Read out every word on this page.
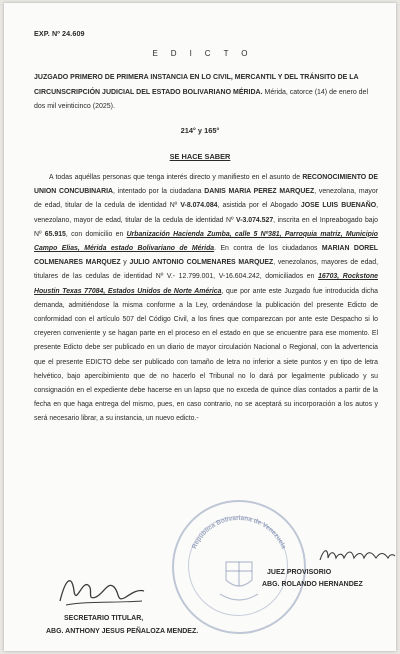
EXP. Nº 24.609
EDICTO
JUZGADO PRIMERO DE PRIMERA INSTANCIA EN LO CIVIL, MERCANTIL Y DEL TRÁNSITO DE LA CIRCUNSCRIPCIÓN JUDICIAL DEL ESTADO BOLIVARIANO MÉRIDA. Mérida, catorce (14) de enero del dos mil veinticinco (2025).
214° y 165°
SE HACE SABER
A todas aquéllas personas que tenga interés directo y manifiesto en el asunto de RECONOCIMIENTO DE UNION CONCUBINARIA, intentado por la ciudadana DANIS MARIA PEREZ MARQUEZ, venezolana, mayor de edad, titular de la cedula de identidad Nº V-8.074.084, asistida por el Abogado JOSE LUIS BUENAÑO, venezolano, mayor de edad, titular de la cedula de identidad Nº V-3.074.527, inscrita en el Inpreabogado bajo Nº 65.915, con domicilio en Urbanización Hacienda Zumba, calle 5 Nº381, Parroquia matriz, Municipio Campo Elias, Mérida estado Bolivariano de Mérida. En contra de los ciudadanos MARIAN DOREL COLMENARES MARQUEZ y JULIO ANTONIO COLMENARES MARQUEZ, venezolanos, mayores de edad, titulares de las cedulas de identidad Nº V.- 12.799.001, V-16.604.242, domiciliados en 16703, Rockstone Houstin Texas 77084, Estados Unidos de Norte América, que por ante este Juzgado fue introducida dicha demanda, admitiéndose la misma conforme a la Ley, ordenándose la publicación del presente Edicto de conformidad con el artículo 507 del Código Civil, a los fines que comparezcan por ante este Despacho si lo creyeren conveniente y se hagan parte en el proceso en el estado en que se encuentre para ese momento. El presente Edicto debe ser publicado en un diario de mayor circulación Nacional o Regional, con la advertencia que el presente EDICTO debe ser publicado con tamaño de letra no inferior a siete puntos y en tipo de letra helvético, bajo apercibimiento que de no hacerlo el Tribunal no lo dará por legalmente publicado y su consignación en el expediente debe hacerse en un lapso que no exceda de quince días contados a partir de la fecha en que haga entrega del mismo, pues, en caso contrario, no se aceptará su incorporación a los autos y será necesario librar, a su instancia, un nuevo edicto.-
República Bolivariana de Venezuela
SECRETARIO TITULAR,
ABG. ANTHONY JESUS PEÑALOZA MENDEZ.
JUEZ PROVISORIO
ABG. ROLANDO HERNANDEZ
